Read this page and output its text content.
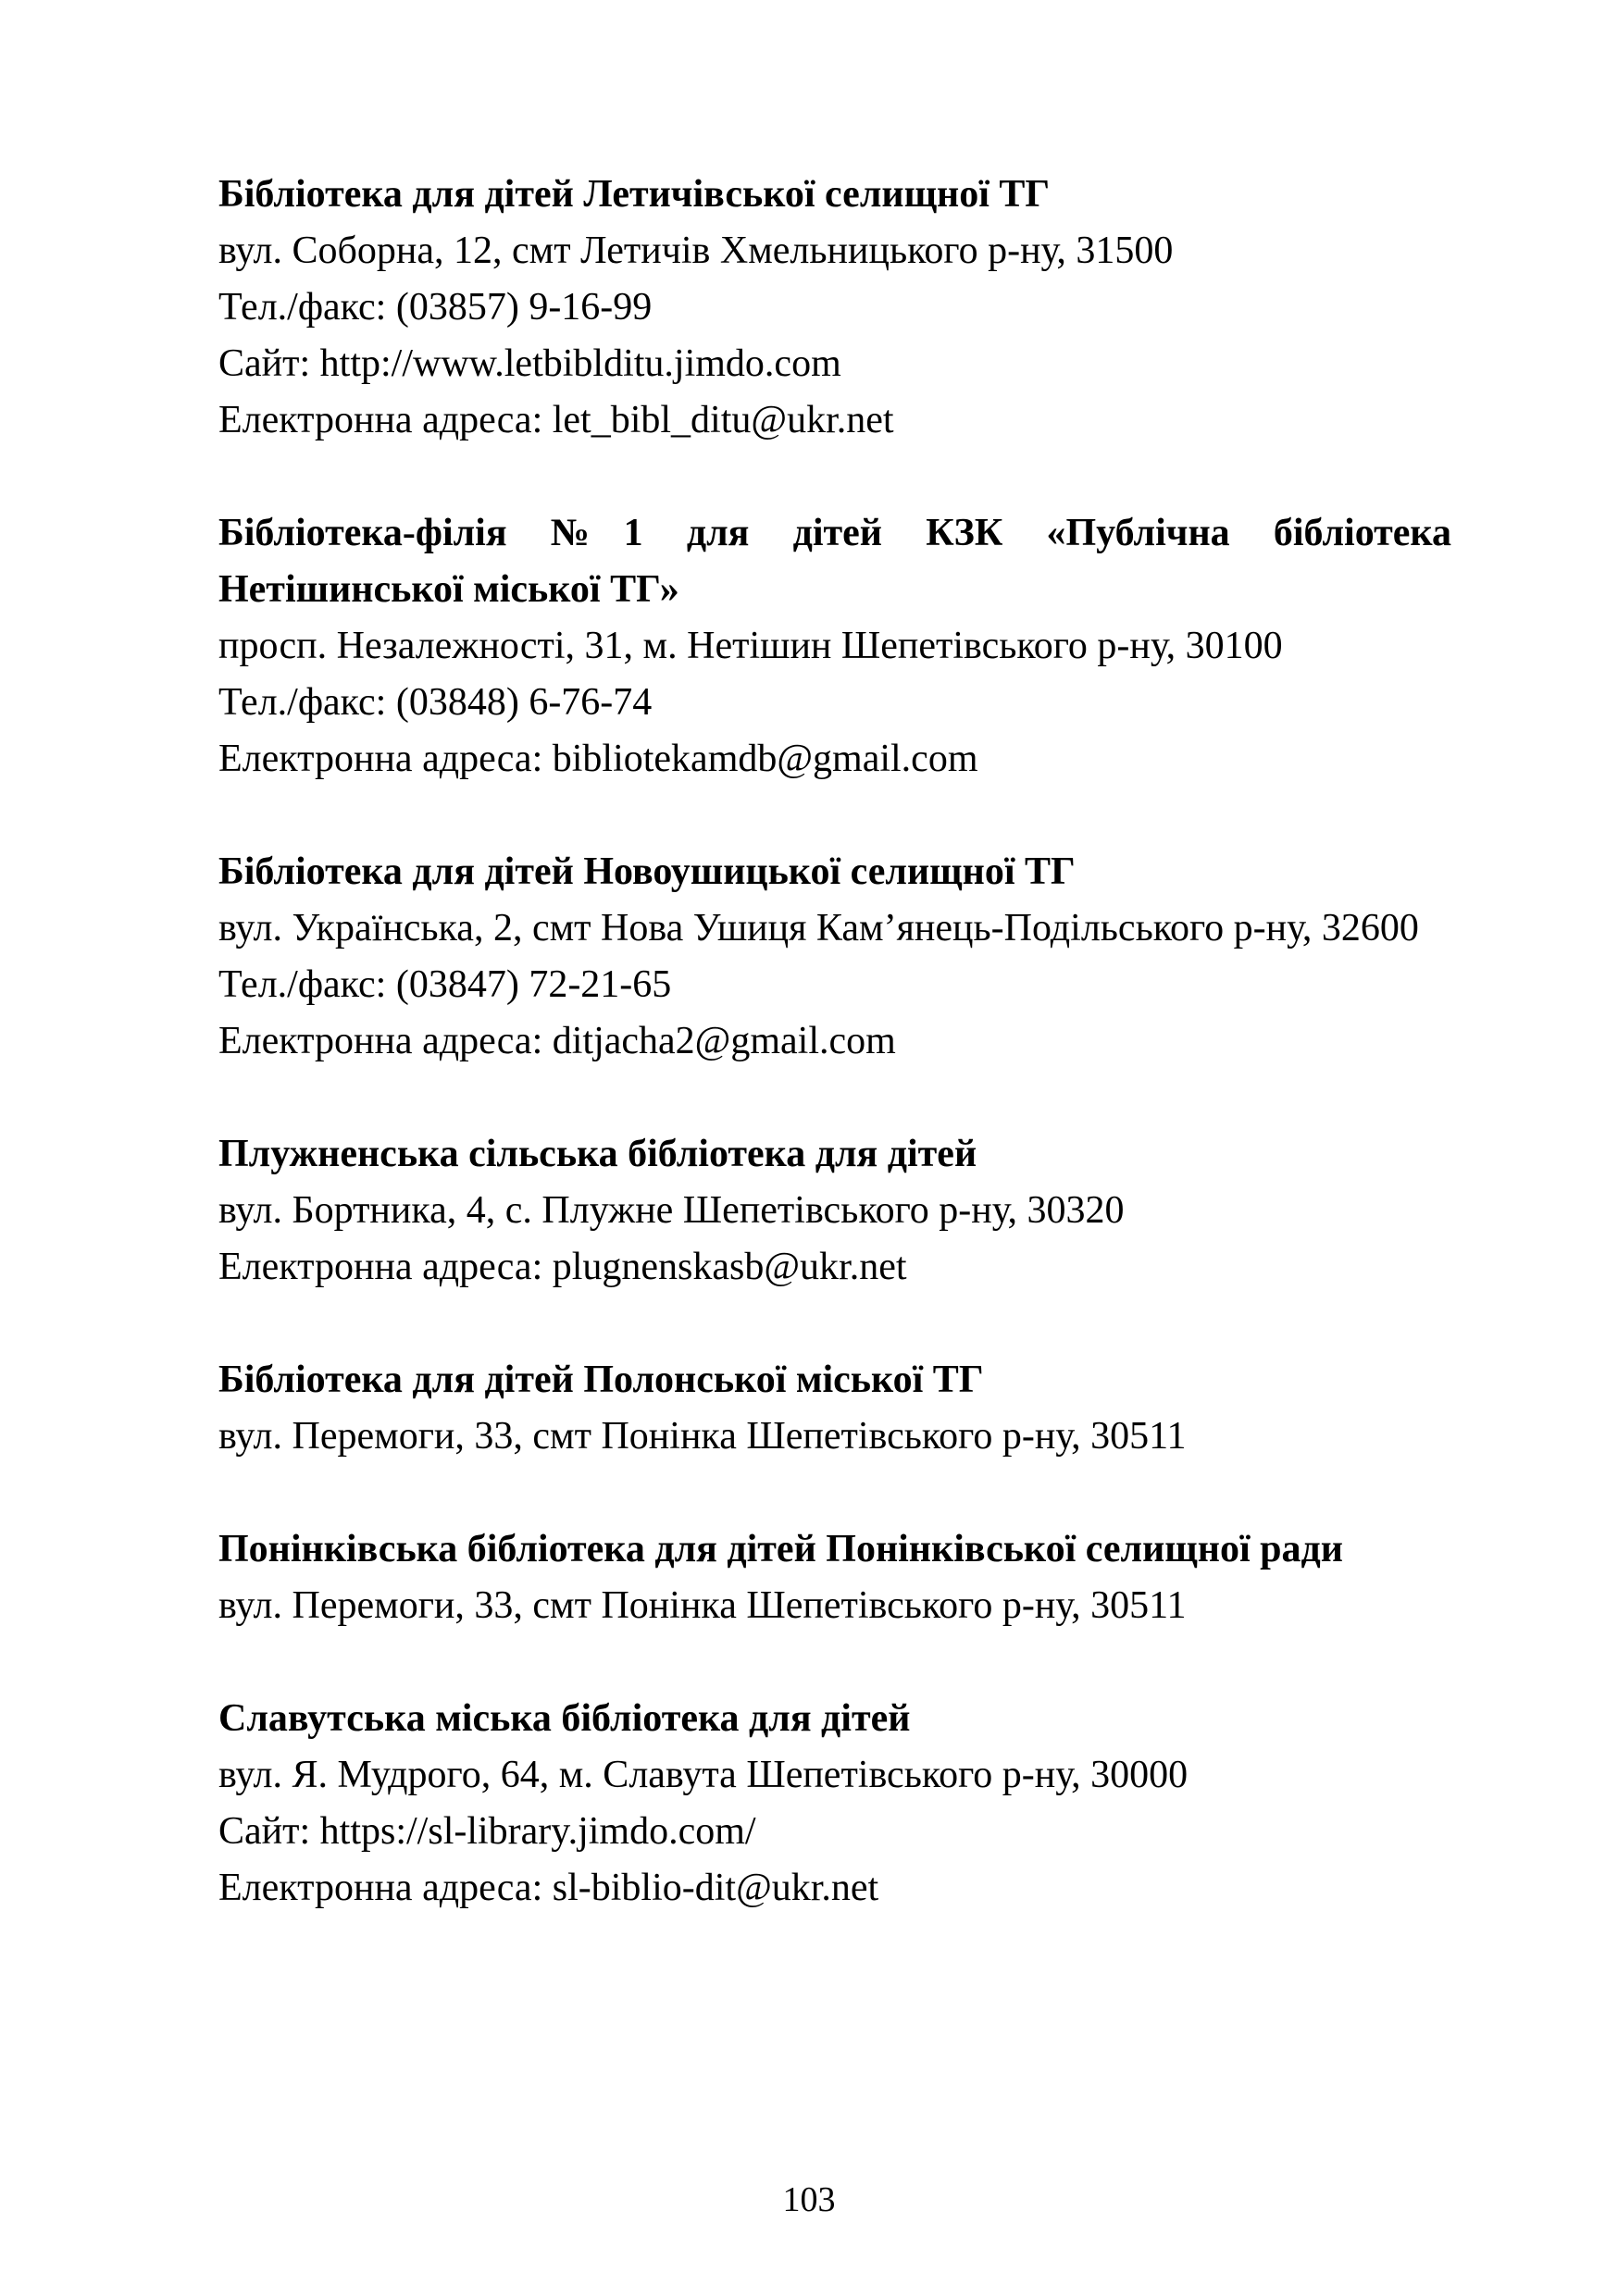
Бібліотека для дітей Летичівської селищної ТГ

вул. Соборна, 12, смт Летичів Хмельницького р-ну, 31500

Тел./факс: (03857) 9-16-99

Сайт: http://www.letbiblditu.jimdo.com

Електронна адреса: let_bibl_ditu@ukr.net

Бібліотека-філія №1 для дітей КЗК «Публічна бібліотека Нетішинської міської ТГ»

просп. Незалежності, 31, м. Нетішин Шепетівського р-ну, 30100

Тел./факс: (03848) 6-76-74

Електронна адреса: bibliotekamdb@gmail.com

Бібліотека для дітей Новоушицької селищної ТГ

вул. Українська, 2, смт Нова Ушиця Кам’янець-Подільського р-ну, 32600

Тел./факс: (03847) 72-21-65

Електронна адреса: ditjacha2@gmail.com

Плужненська сільська бібліотека для дітей

вул. Бортника, 4, с. Плужне Шепетівського р-ну, 30320

Електронна адреса: plugnenskasb@ukr.net

Бібліотека для дітей Полонської міської ТГ

вул. Перемоги, 33, смт Понінка Шепетівського р-ну, 30511

Понінківська бібліотека для дітей Понінківської селищної ради

вул. Перемоги, 33, смт Понінка Шепетівського р-ну, 30511

Славутська міська бібліотека для дітей

вул. Я. Мудрого, 64, м. Славута Шепетівського р-ну, 30000

Сайт: https://sl-library.jimdo.com/

Електронна адреса: sl-biblio-dit@ukr.net

103
